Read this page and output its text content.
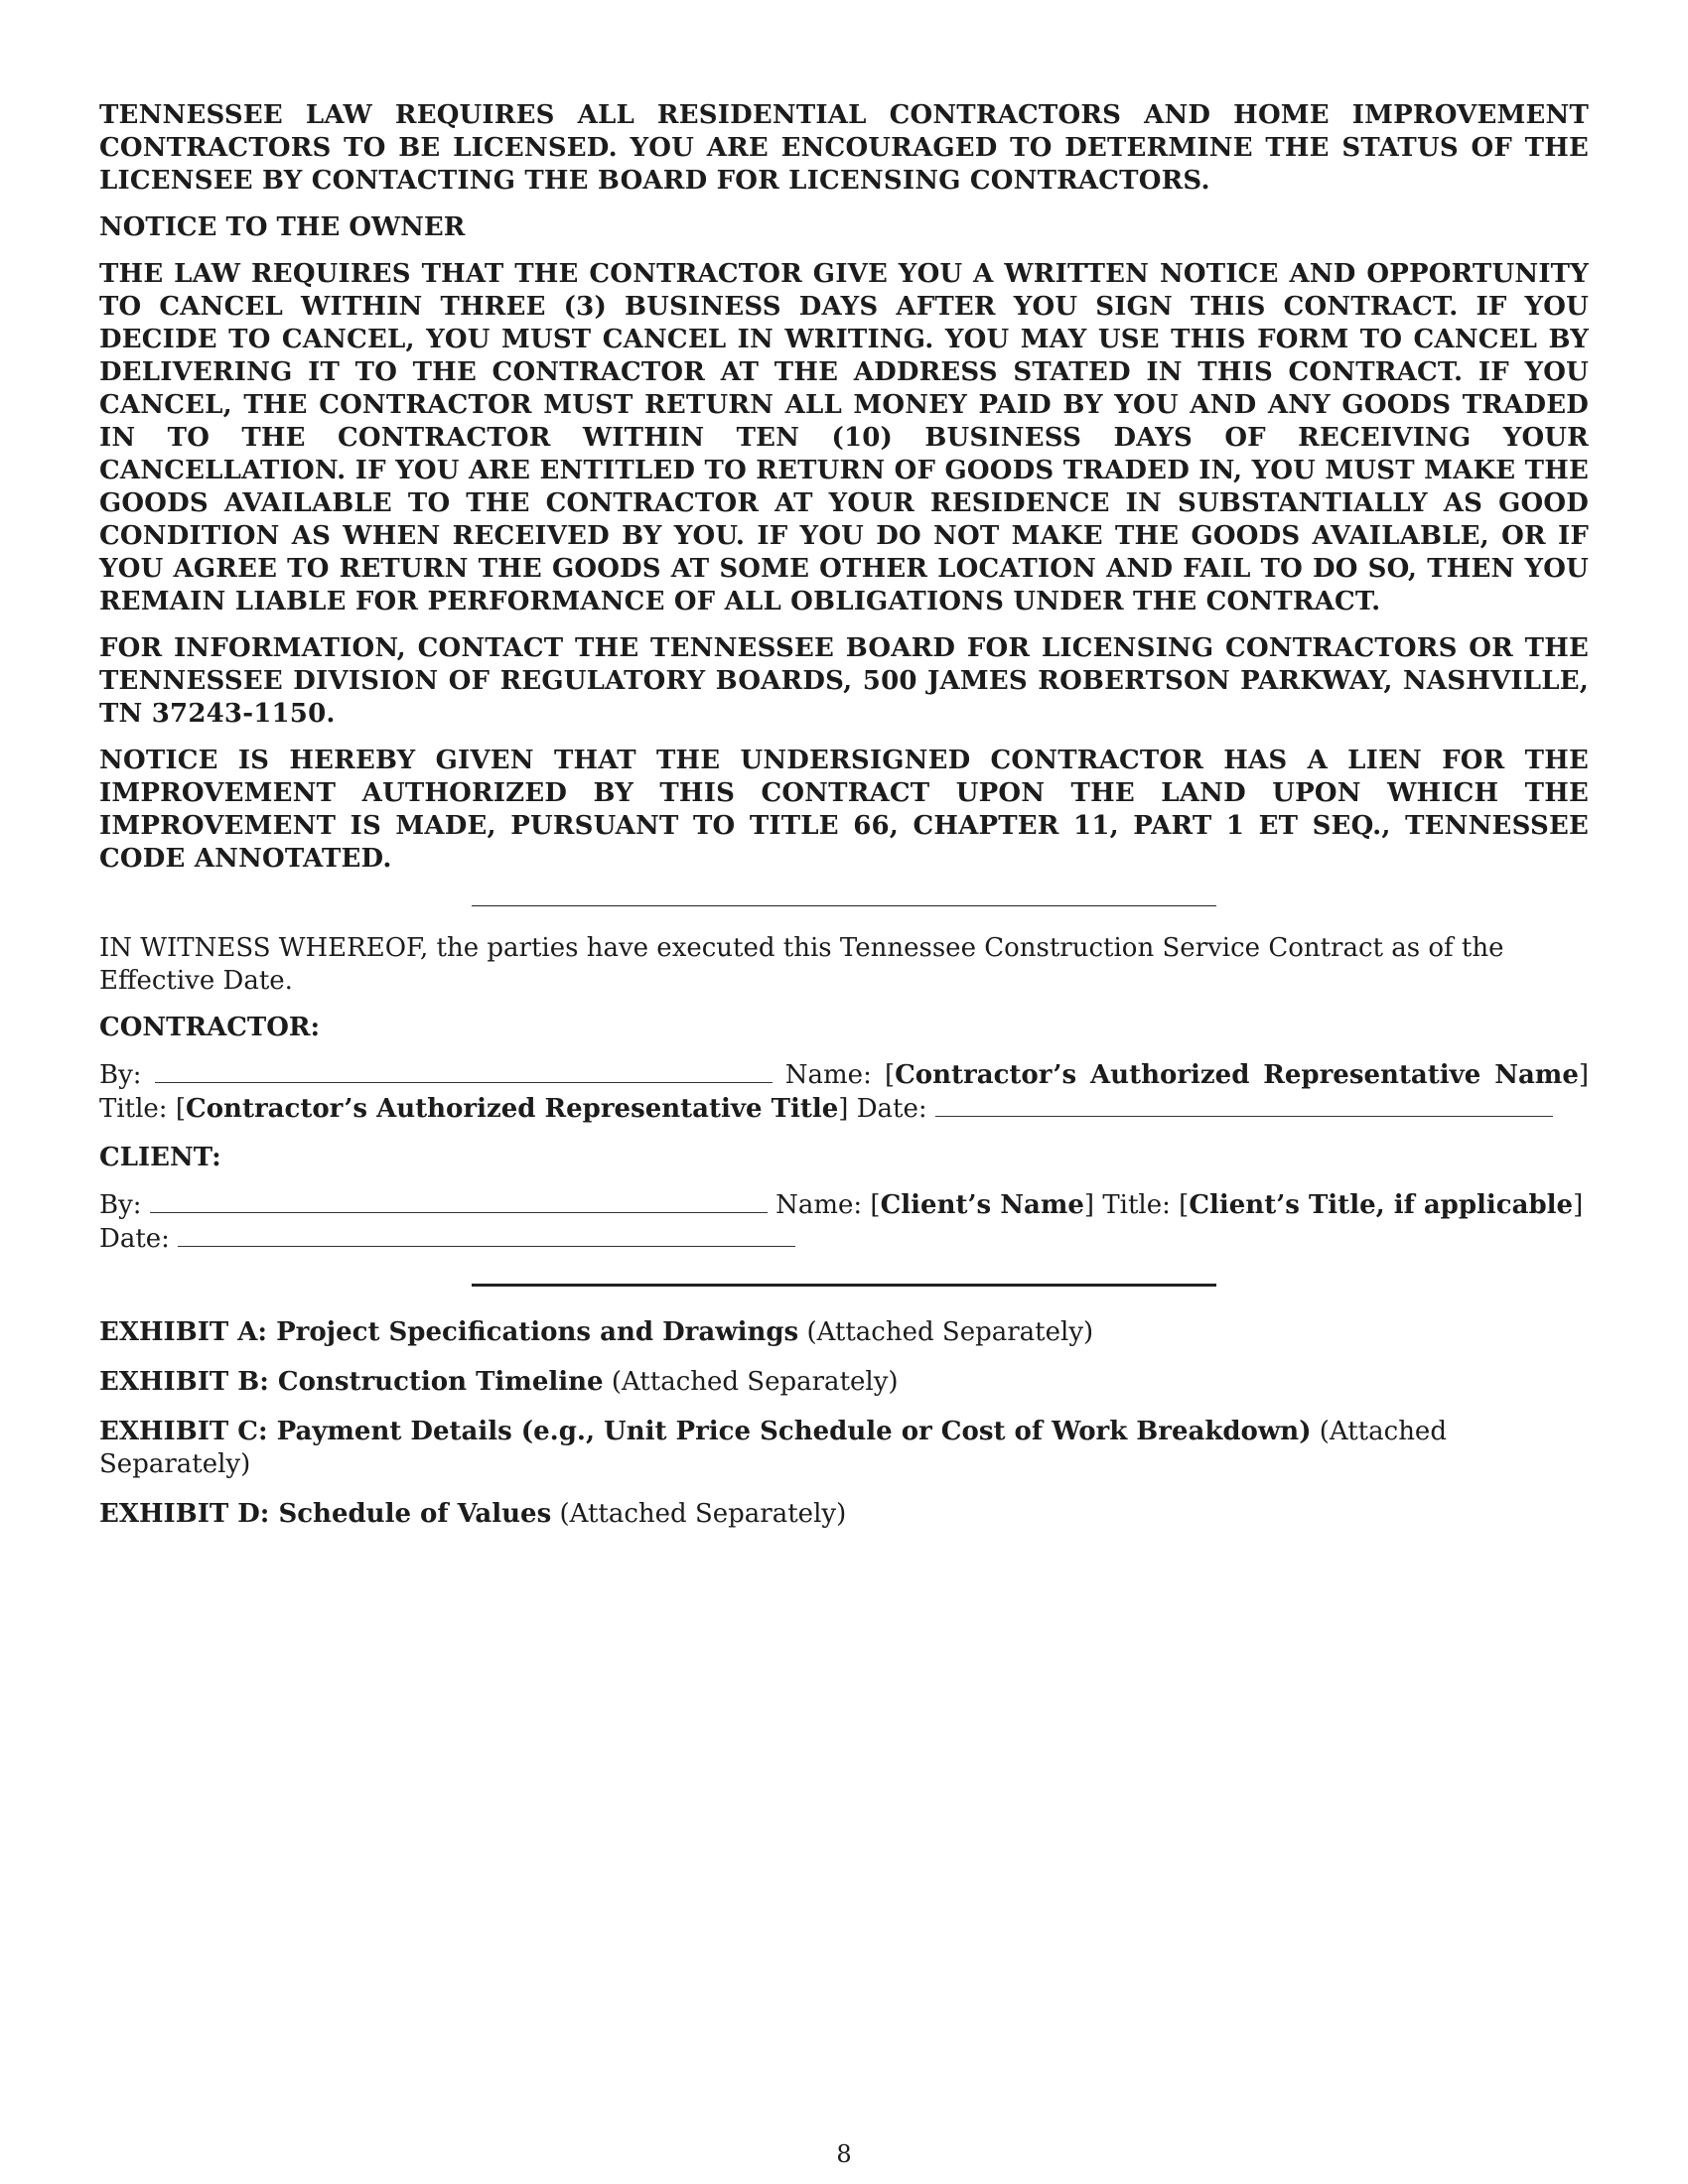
TENNESSEE LAW REQUIRES ALL RESIDENTIAL CONTRACTORS AND HOME IMPROVEMENT CONTRACTORS TO BE LICENSED. YOU ARE ENCOURAGED TO DETERMINE THE STATUS OF THE LICENSEE BY CONTACTING THE BOARD FOR LICENSING CONTRACTORS.

NOTICE TO THE OWNER

THE LAW REQUIRES THAT THE CONTRACTOR GIVE YOU A WRITTEN NOTICE AND OPPORTUNITY TO CANCEL WITHIN THREE (3) BUSINESS DAYS AFTER YOU SIGN THIS CONTRACT. IF YOU DECIDE TO CANCEL, YOU MUST CANCEL IN WRITING. YOU MAY USE THIS FORM TO CANCEL BY DELIVERING IT TO THE CONTRACTOR AT THE ADDRESS STATED IN THIS CONTRACT. IF YOU CANCEL, THE CONTRACTOR MUST RETURN ALL MONEY PAID BY YOU AND ANY GOODS TRADED IN TO THE CONTRACTOR WITHIN TEN (10) BUSINESS DAYS OF RECEIVING YOUR CANCELLATION. IF YOU ARE ENTITLED TO RETURN OF GOODS TRADED IN, YOU MUST MAKE THE GOODS AVAILABLE TO THE CONTRACTOR AT YOUR RESIDENCE IN SUBSTANTIALLY AS GOOD CONDITION AS WHEN RECEIVED BY YOU. IF YOU DO NOT MAKE THE GOODS AVAILABLE, OR IF YOU AGREE TO RETURN THE GOODS AT SOME OTHER LOCATION AND FAIL TO DO SO, THEN YOU REMAIN LIABLE FOR PERFORMANCE OF ALL OBLIGATIONS UNDER THE CONTRACT.

FOR INFORMATION, CONTACT THE TENNESSEE BOARD FOR LICENSING CONTRACTORS OR THE TENNESSEE DIVISION OF REGULATORY BOARDS, 500 JAMES ROBERTSON PARKWAY, NASHVILLE, TN 37243-1150.

NOTICE IS HEREBY GIVEN THAT THE UNDERSIGNED CONTRACTOR HAS A LIEN FOR THE IMPROVEMENT AUTHORIZED BY THIS CONTRACT UPON THE LAND UPON WHICH THE IMPROVEMENT IS MADE, PURSUANT TO TITLE 66, CHAPTER 11, PART 1 ET SEQ., TENNESSEE CODE ANNOTATED.

IN WITNESS WHEREOF, the parties have executed this Tennessee Construction Service Contract as of the Effective Date.

CONTRACTOR:

By:	Name: [Contractor’s Authorized Representative Name] Title: [Contractor’s Authorized Representative Title] Date:

CLIENT:

By:	Name: [Client’s Name] Title: [Client’s Title, if applicable]
Date:

EXHIBIT A: Project Specifications and Drawings (Attached Separately)

EXHIBIT B: Construction Timeline (Attached Separately)

EXHIBIT C: Payment Details (e.g., Unit Price Schedule or Cost of Work Breakdown) (Attached Separately)

EXHIBIT D: Schedule of Values (Attached Separately)

8
